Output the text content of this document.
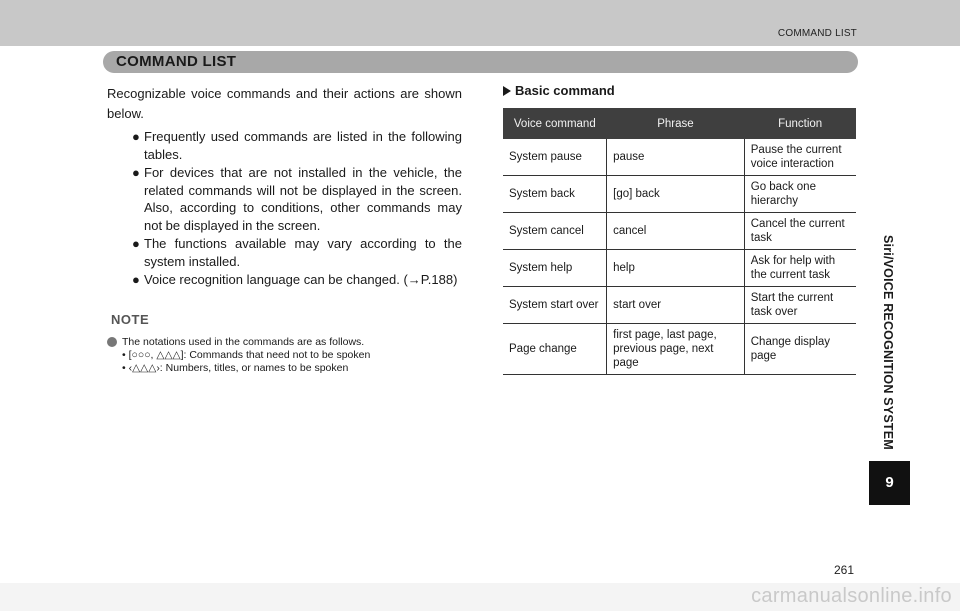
COMMAND LIST
COMMAND LIST

Recognizable voice commands and their actions are shown below.

● Frequently used commands are listed in the following tables.
● For devices that are not installed in the vehicle, the related commands will not be displayed in the screen. Also, according to conditions, other commands may not be displayed in the screen.
● The functions available may vary according to the system installed.
● Voice recognition language can be changed. (→P.188)
NOTE
The notations used in the commands are as follows.
• [○○○, △△△]: Commands that need not to be spoken
• ‹△△△›: Numbers, titles, or names to be spoken
Basic command
Voice command	Phrase	Function
System pause	pause	Pause the current voice interaction
System back	[go] back	Go back one hierarchy
System cancel	cancel	Cancel the current task
System help	help	Ask for help with the current task
System start over	start over	Start the current task over
Page change	first page, last page, previous page, next page	Change display page	Siri/VOICE RECOGNITION SYSTEM
9
261
carmanualsonline.info
